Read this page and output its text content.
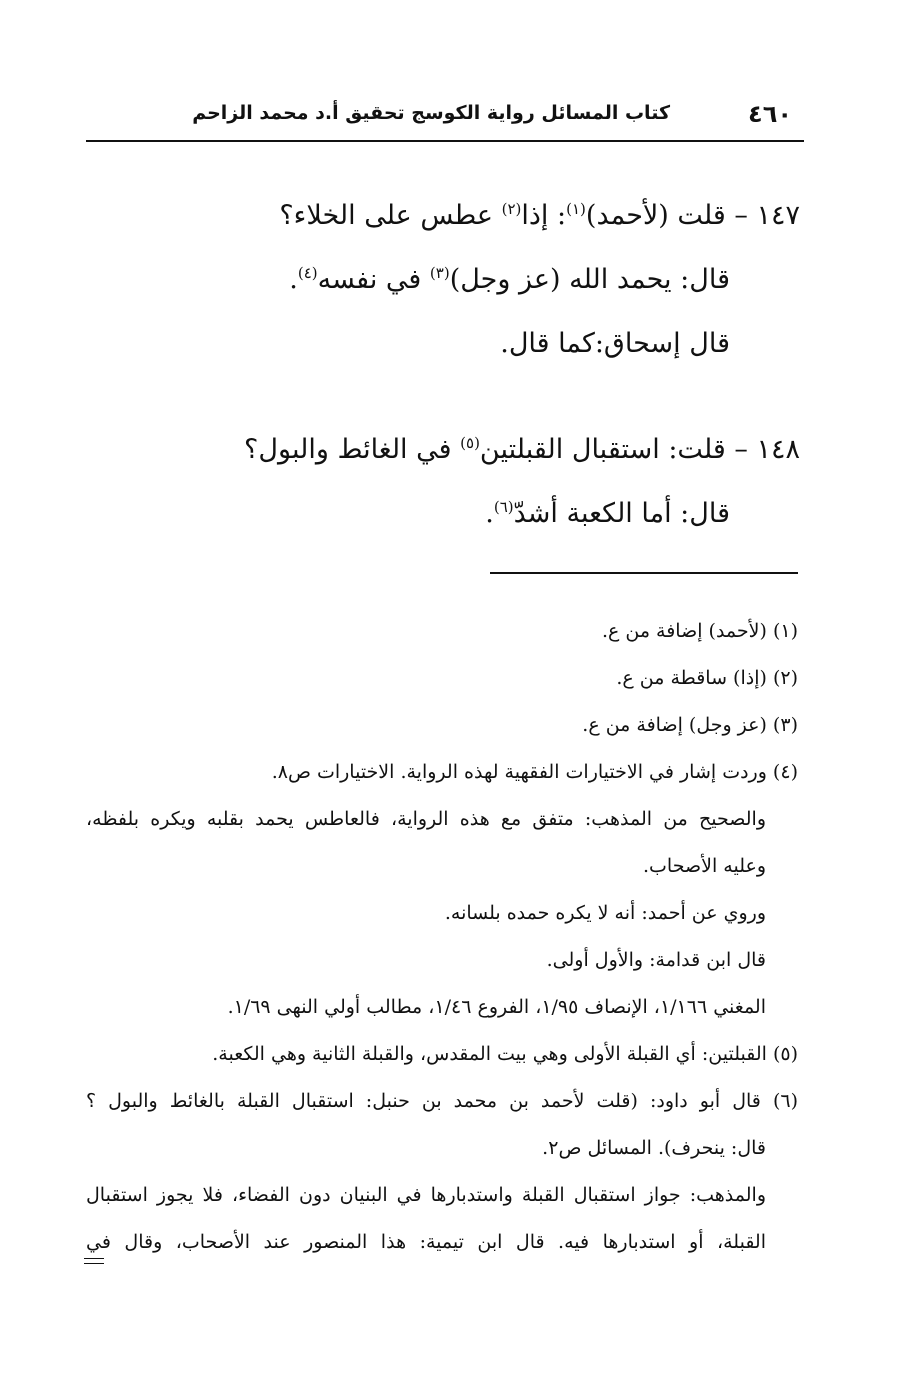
٤٦٠
كتاب المسائل رواية الكوسج تحقيق أ.د محمد الزاحم
١٤٧ – قلت (لأحمد)$^{(١)}$: إذا$^{(٢)}$ عطس على الخلاء؟
قال: يحمد الله (عز وجل)$^{(٣)}$ في نفسه$^{(٤)}$.
قال إسحاق:كما قال.
١٤٨ – قلت: استقبال القبلتين$^{(٥)}$ في الغائط والبول؟
قال: أما الكعبة أشدّ$^{(٦)}$.
(١) (لأحمد) إضافة من ع.
(٢) (إذا) ساقطة من ع.
(٣) (عز وجل) إضافة من ع.
(٤) وردت إشار في الاختيارات الفقهية لهذه الرواية. الاختيارات ص٨.
والصحيح من المذهب: متفق مع هذه الرواية، فالعاطس يحمد بقلبه ويكره بلفظه،
وعليه الأصحاب.
وروي عن أحمد: أنه لا يكره حمده بلسانه.
قال ابن قدامة: والأول أولى.
المغني ١/١٦٦، الإنصاف ١/٩٥، الفروع ١/٤٦، مطالب أولي النهى ١/٦٩.
(٥) القبلتين: أي القبلة الأولى وهي بيت المقدس، والقبلة الثانية وهي الكعبة.
(٦) قال أبو داود: (قلت لأحمد بن محمد بن حنبل: استقبال القبلة بالغائط والبول ؟
قال: ينحرف). المسائل ص٢.
والمذهب: جواز استقبال القبلة واستدبارها في البنيان دون الفضاء، فلا يجوز استقبال
القبلة، أو استدبارها فيه. قال ابن تيمية: هذا المنصور عند الأصحاب، وقال في
